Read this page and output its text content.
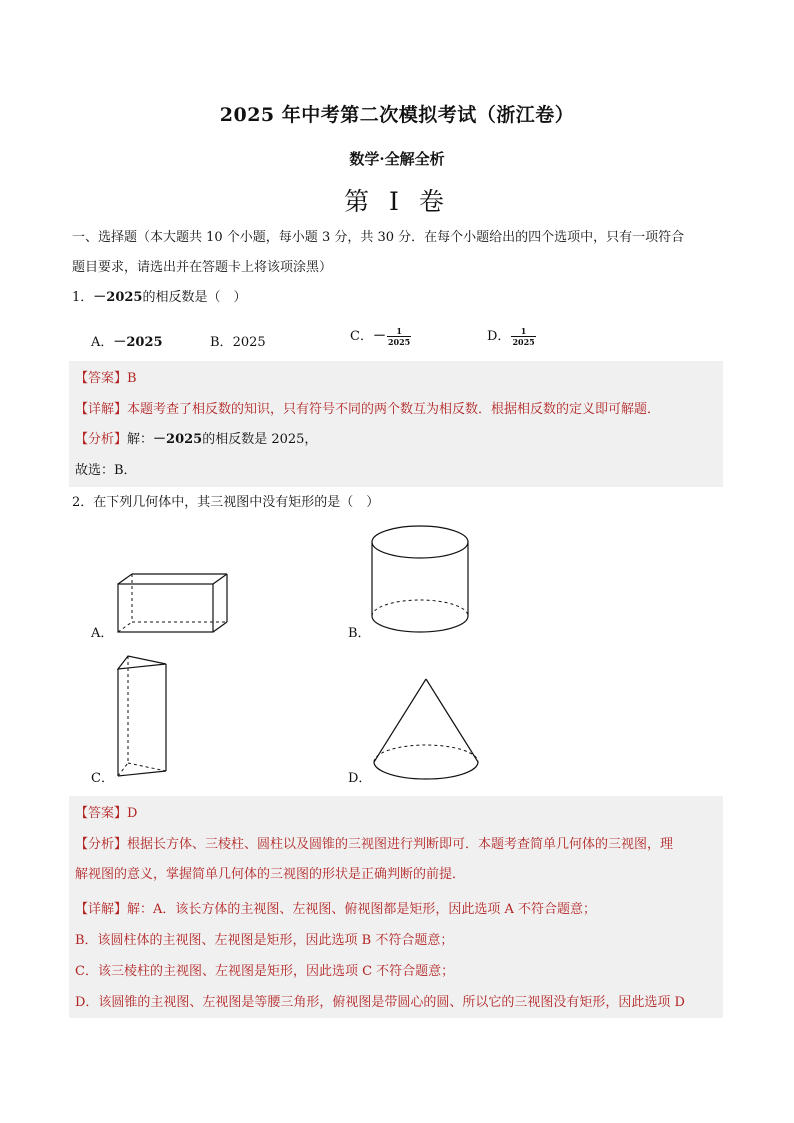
2025 年中考第二次模拟考试（浙江卷）
数学·全解全析
第 I 卷
一、选择题（本大题共 10 个小题，每小题 3 分，共 30 分．在每个小题给出的四个选项中，只有一项符合
题目要求，请选出并在答题卡上将该项涂黑）
1．－2025的相反数是（　）
A．－2025	B．2025	C．－ $\frac{1}{2025}$	D． $\frac{1}{2025}$
【答案】B
【详解】本题考查了相反数的知识，只有符号不同的两个数互为相反数．根据相反数的定义即可解题．
【分析】解：－2025的相反数是 2025，
故选：B．
2．在下列几何体中，其三视图中没有矩形的是（　）
A．	B．
C．	D．
【答案】D
【分析】根据长方体、三棱柱、圆柱以及圆锥的三视图进行判断即可．本题考查简单几何体的三视图，理
解视图的意义，掌握简单几何体的三视图的形状是正确判断的前提．
【详解】解：A．该长方体的主视图、左视图、俯视图都是矩形，因此选项 A 不符合题意；
B．该圆柱体的主视图、左视图是矩形，因此选项 B 不符合题意；
C．该三棱柱的主视图、左视图是矩形，因此选项 C 不符合题意；
D．该圆锥的主视图、左视图是等腰三角形，俯视图是带圆心的圆、所以它的三视图没有矩形，因此选项 D
